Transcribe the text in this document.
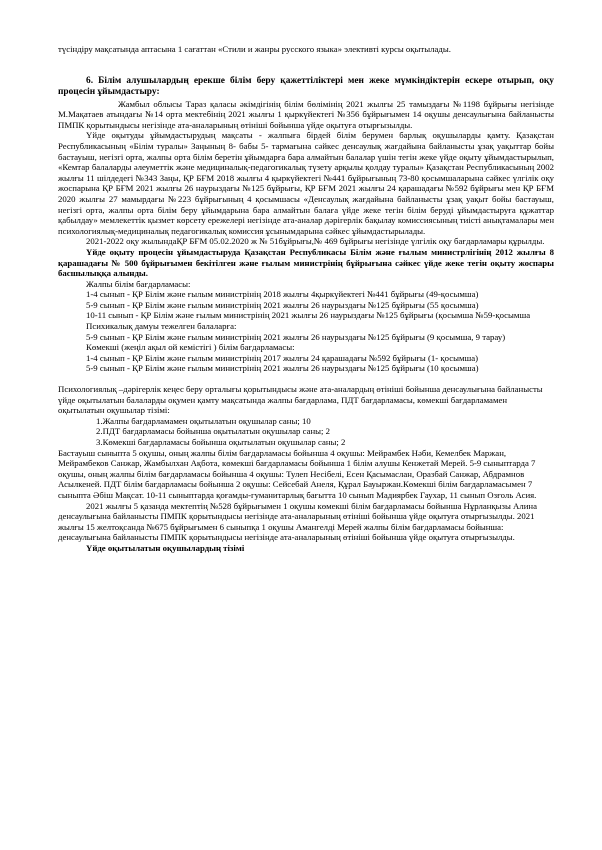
түсіндіру мақсатында аптасына 1 сағаттан «Стили и жанры русского языка» элективті курсы оқытылады.

6. Білім алушылардың ерекше білім беру қажеттіліктері мен жеке мүмкіндіктерін ескере отырып, оқу процесін ұйымдастыру:

Жамбыл облысы Тараз қаласы әкімдігінің білім бөлімінің 2021 жылғы 25 тамыздағы №1198 бұйрығы негізінде М.Мақатаев атындағы №14 орта мектебінің 2021 жылғы 1 қыркүйектегі №356 бұйрығымен 14 оқушы денсаулығына байланысты ПМПК қорытындысы негізінде ата-аналарының өтініші бойынша үйде оқытуға отырғызылды.

Үйде оқытуды ұйымдастырудың мақсаты - жалпыға бірдей білім берумен барлық оқушыларды қамту. Қазақстан Республикасының «Білім туралы» Заңының 8- бабы 5- тармағына сәйкес денсаулық жағдайына байланысты ұзақ уақыттар бойы бастауыш, негізгі орта, жалпы орта білім беретін ұйымдарға бара алмайтын балалар үшін тегін жеке үйде оқыту ұйымдастырылып, «Кемтар балаларды әлеуметтік және медициналық-педагогикалық түзету арқылы қолдау туралы» Қазақстан Республикасының 2002 жылғы 11 шілдедегі №343 Заңы, ҚР БҒМ 2018 жылғы 4 қыркүйектегі №441 бұйрығының 73-80 қосымшаларына сәйкес үлгілік оқу жоспарына ҚР БҒМ 2021 жылғы 26 наурыздағы №125 бұйрығы, ҚР БҒМ 2021 жылғы 24 қарашадағы №592 бұйрығы мен ҚР БҒМ 2020 жылғы 27 мамырдағы №223 бұйрығының 4 қосымшасы «Денсаулық жағдайына байланысты ұзақ уақыт бойы бастауыш, негізгі орта, жалпы орта білім беру ұйымдарына бара алмайтын балаға үйде жеке тегін білім беруді ұйымдастыруға құжаттар қабылдау» мемлекеттік қызмет көрсету ережелері негізінде ата-аналар дәрігерлік бақылау комиссиясының тиісті анықтамалары мен психологиялық-медициналық педагогикалық комиссия ұсынымдарына сәйкес ұйымдастырылады.

2021-2022 оқу жылындаҚР БҒМ 05.02.2020 ж № 51бұйрығы,№ 469 бұйрығы негізінде үлгілік оқу бағдарламары құрылды.

Үйде оқыту процесін ұйымдастыруда Қазақстан Республикасы Білім және ғылым министрлігінің 2012 жылғы 8 қарашадағы № 500 бұйрығымен бекітілген және ғылым министрінің бұйрығына сәйкес үйде жеке тегін оқыту жоспары басшылыққа алынды.

Жалпы білім бағдарламасы:

1-4 сынып - ҚР Білім және ғылым министрінің 2018 жылғы 4қыркүйектегі №441 бұйрығы (49-қосымша)

5-9 сынып - ҚР Білім және ғылым министрінің 2021 жылғы 26 наурыздағы №125 бұйрығы (55 қосымша)

10-11 сынып - ҚР Білім және ғылым министрінің 2021 жылғы 26 наурыздағы №125 бұйрығы (қосымша №59-қосымша

Психикалық дамуы тежелген балаларға:

5-9 сынып - ҚР Білім және ғылым министрінің 2021 жылғы 26 наурыздағы №125 бұйрығы (9 қосымша, 9 тарау)

Көмекші (жеңіл ақыл ой кемістігі ) білім бағдарламасы:

1-4 сынып - ҚР Білім және ғылым министрінің 2017 жылғы 24 қарашадағы №592 бұйрығы (1- қосымша)

5-9 сынып - ҚР Білім және ғылым министрінің 2021 жылғы 26 наурыздағы №125 бұйрығы (10 қосымша)

Психологиялық –дәрігерлік кеңес беру орталығы қорытындысы және ата-аналардың өтініші бойынша денсаулығына байланысты үйде оқытылатын балаларды оқумен қамту мақсатында жалпы бағдарлама, ПДТ бағдарламасы, көмекші бағдарламамен оқытылатын оқушылар тізімі:

1.Жалпы бағдарламамен оқытылатын оқушылар саны; 10

2.ПДТ бағдарламасы бойынша оқытылатын оқушылар саны; 2

3.Көмекші бағдарламасы бойынша оқытылатын оқушылар саны; 2

Бастауыш сыныпта 5 оқушы, оның жалпы білім бағдарламасы бойынша 4 оқушы: Мейрамбек Нәби, Кемелбек Маржан, Мейрамбеков Санжар, Жамбылхан Ақбота, көмекші бағдарламасы бойынша 1 білім алушы Кенжетай Мерей. 5-9 сыныптарда 7 оқушы, оның жалпы білім бағдарламасы бойынша 4 оқушы: Тулеп Несібелі, Есен Қасымаслан, Оразбай Санжар, Абдрамнов Асылкеней. ПДТ білім бағдарламасы бойынша 2 оқушы: Сейсебай Анеля, Құрал Бауыржан.Көмекші білім бағдарламасымен 7 сыныпта Әбіш Мақсат. 10-11 сыныптарда қоғамды-гуманитарлық бағытта 10 сынып Мадиярбек Гаухар, 11 сынып Озғоль Асия.

2021 жылғы 5 қазанда мектептің №528 бұйрығымен 1 оқушы көмекші білім бағдарламасы бойынша Нұрланқызы Алина денсаулығына байланысты ПМПК қорытындысы негізінде ата-аналарының өтініші бойынша үйде оқытуға отырғызылды. 2021 жылғы 15 желтоқсанда №675 бұйрығымен 6 сыныпқа 1 оқушы Амангелді Мерей жалпы білім бағдарламасы бойынша: денсаулығына байланысты ПМПК қорытындысы негізінде ата-аналарының өтініші бойынша үйде оқытуға отырғызылды.

Үйде оқытылатын оқушылардың тізімі
